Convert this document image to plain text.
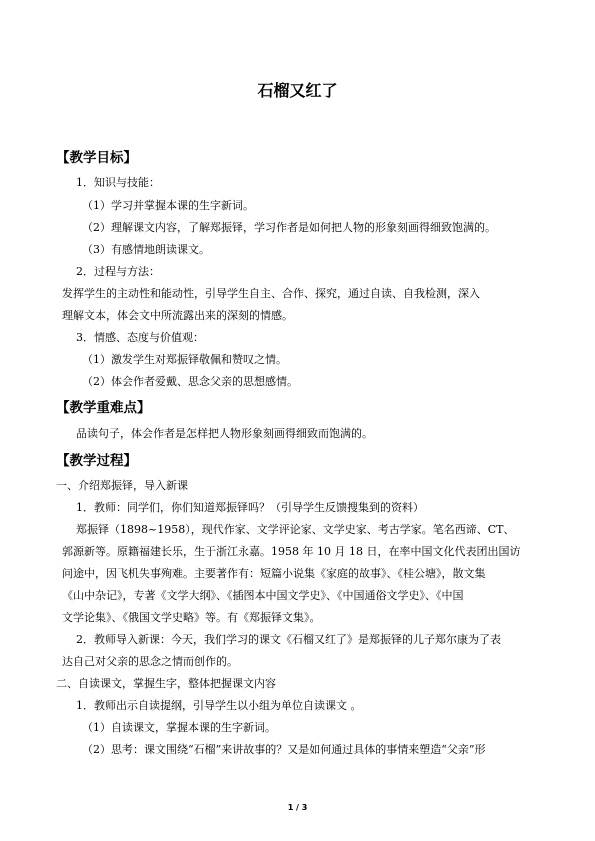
石榴又红了
【教学目标】
1．知识与技能：
（1）学习并掌握本课的生字新词。
（2）理解课文内容，了解郑振铎，学习作者是如何把人物的形象刻画得细致饱满的。
（3）有感情地朗读课文。
2．过程与方法：
发挥学生的主动性和能动性，引导学生自主、合作、探究，通过自读、自我检测，深入
理解文本，体会文中所流露出来的深刻的情感。
3．情感、态度与价值观：
（1）激发学生对郑振铎敬佩和赞叹之情。
（2）体会作者爱戴、思念父亲的思想感情。
【教学重难点】
品读句子，体会作者是怎样把人物形象刻画得细致而饱满的。
【教学过程】
一、介绍郑振铎，导入新课
1．教师：同学们，你们知道郑振铎吗？（引导学生反馈搜集到的资料）
郑振铎（1898~1958），现代作家、文学评论家、文学史家、考古学家。笔名西谛、CT、
郭源新等。原籍福建长乐，生于浙江永嘉。1958 年 10 月 18 日，在率中国文化代表团出国访
问途中，因飞机失事殉难。主要著作有：短篇小说集《家庭的故事》、《桂公塘》，散文集
《山中杂记》，专著《文学大纲》、《插图本中国文学史》、《中国通俗文学史》、《中国
文学论集》、《俄国文学史略》等。有《郑振铎文集》。
2．教师导入新课：今天，我们学习的课文《石榴又红了》是郑振铎的儿子郑尔康为了表
达自己对父亲的思念之情而创作的。
二、自读课文，掌握生字，整体把握课文内容
1．教师出示自读提纲，引导学生以小组为单位自读课文 。
（1）自读课文，掌握本课的生字新词。
（2）思考：课文围绕“石榴”来讲故事的？又是如何通过具体的事情来塑造“父亲”形
1 / 3
